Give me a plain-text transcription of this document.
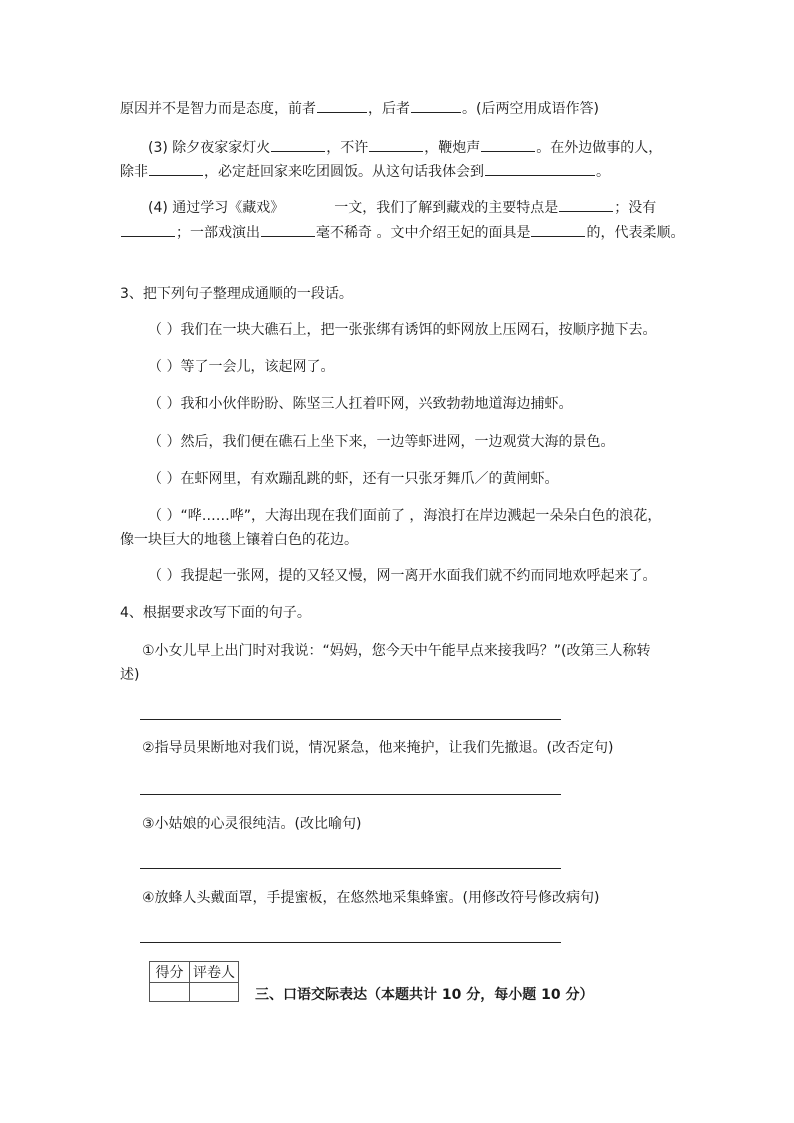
原因并不是智力而是态度，前者	，后者	。(后两空用成语作答)
(3) 除夕夜家家灯火	，不许	，鞭炮声	。在外边做事的人，
除非	，必定赶回家来吃团圆饭。从这句话我体会到	。
(4) 通过学习《藏戏》	一文，我们了解到藏戏的主要特点是	；没有
；一部戏演出	毫不稀奇 。文中介绍王妃的面具是	的，代表柔顺。
3、把下列句子整理成通顺的一段话。
（ ）我们在一块大礁石上，把一张张绑有诱饵的虾网放上压网石，按顺序抛下去。
（ ）等了一会儿，该起网了。
（ ）我和小伙伴盼盼、陈坚三人扛着吓网，兴致勃勃地道海边捕虾。
（ ）然后，我们便在礁石上坐下来，一边等虾进网，一边观赏大海的景色。
（ ）在虾网里，有欢蹦乱跳的虾，还有一只张牙舞爪／的黄闸虾。
（ ）“哗……哗”，大海出现在我们面前了 ，海浪打在岸边溅起一朵朵白色的浪花，
像一块巨大的地毯上镶着白色的花边。
（ ）我提起一张网，提的又轻又慢，网一离开水面我们就不约而同地欢呼起来了。
4、根据要求改写下面的句子。
①小女儿早上出门时对我说：“妈妈，您今天中午能早点来接我吗？”(改第三人称转
述)
②指导员果断地对我们说，情况紧急，他来掩护，让我们先撤退。(改否定句)
③小姑娘的心灵很纯洁。(改比喻句)
④放蜂人头戴面罩，手提蜜板，在悠然地采集蜂蜜。(用修改符号修改病句)
得分	评卷人

三、口语交际表达（本题共计 10 分，每小题 10 分）
